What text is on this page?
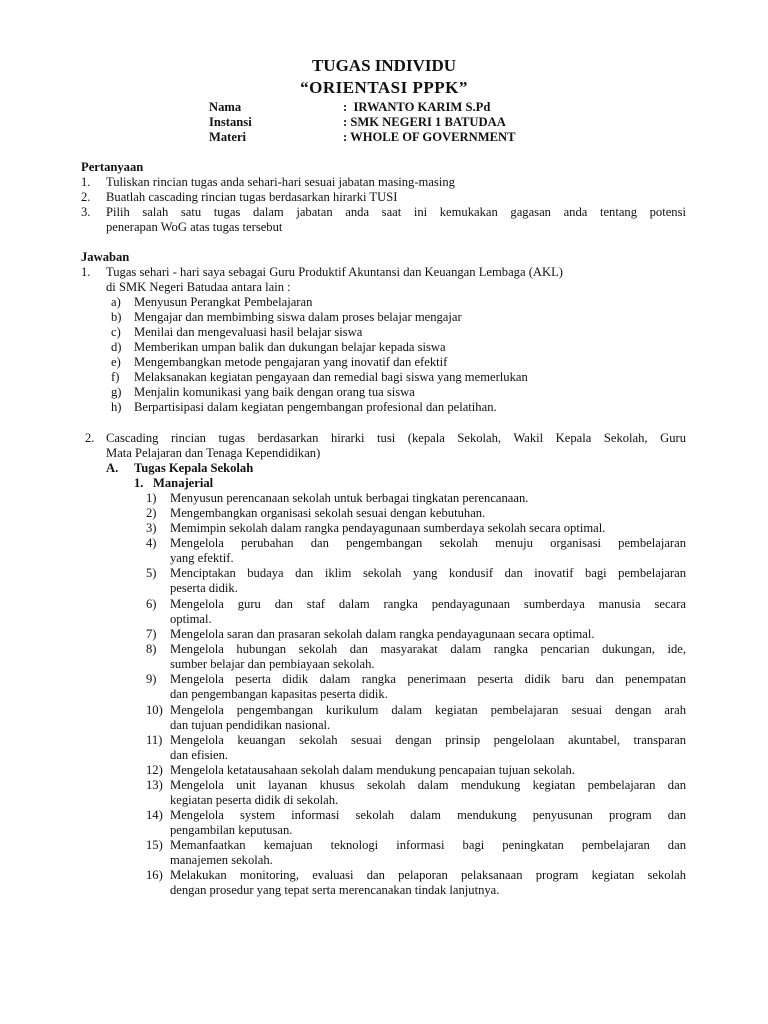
TUGAS INDIVIDU
“ORIENTASI PPPK”
Nama	:  IRWANTO KARIM S.Pd
Instansi	: SMK NEGERI 1 BATUDAA
Materi	: WHOLE OF GOVERNMENT
Pertanyaan
1. Tuliskan rincian tugas anda sehari-hari sesuai jabatan masing-masing
2. Buatlah cascading rincian tugas berdasarkan hirarki TUSI
3. Pilih salah satu tugas dalam jabatan anda saat ini kemukakan gagasan anda tentang potensi
penerapan WoG atas tugas tersebut
Jawaban
1. Tugas sehari - hari saya sebagai Guru Produktif Akuntansi dan Keuangan Lembaga (AKL)
di SMK Negeri Batudaa antara lain :
a) Menyusun Perangkat Pembelajaran
b) Mengajar dan membimbing siswa dalam proses belajar mengajar
c) Menilai dan mengevaluasi hasil belajar siswa
d) Memberikan umpan balik dan dukungan belajar kepada siswa
e) Mengembangkan metode pengajaran yang inovatif dan efektif
f) Melaksanakan kegiatan pengayaan dan remedial bagi siswa yang memerlukan
g) Menjalin komunikasi yang baik dengan orang tua siswa
h) Berpartisipasi dalam kegiatan pengembangan profesional dan pelatihan.
2. Cascading rincian tugas berdasarkan hirarki tusi (kepala Sekolah, Wakil Kepala Sekolah, Guru
Mata Pelajaran dan Tenaga Kependidikan)
A. Tugas Kepala Sekolah
1. Manajerial
1) Menyusun perencanaan sekolah untuk berbagai tingkatan perencanaan.
2) Mengembangkan organisasi sekolah sesuai dengan kebutuhan.
3) Memimpin sekolah dalam rangka pendayagunaan sumberdaya sekolah secara optimal.
4) Mengelola perubahan dan pengembangan sekolah menuju organisasi pembelajaran
yang efektif.
5) Menciptakan budaya dan iklim sekolah yang kondusif dan inovatif bagi pembelajaran
peserta didik.
6) Mengelola guru dan staf dalam rangka pendayagunaan sumberdaya manusia secara
optimal.
7) Mengelola saran dan prasaran sekolah dalam rangka pendayagunaan secara optimal.
8) Mengelola hubungan sekolah dan masyarakat dalam rangka pencarian dukungan, ide,
sumber belajar dan pembiayaan sekolah.
9) Mengelola peserta didik dalam rangka penerimaan peserta didik baru dan penempatan
dan pengembangan kapasitas peserta didik.
10) Mengelola pengembangan kurikulum dalam kegiatan pembelajaran sesuai dengan arah
dan tujuan pendidikan nasional.
11) Mengelola keuangan sekolah sesuai dengan prinsip pengelolaan akuntabel, transparan
dan efisien.
12) Mengelola ketatausahaan sekolah dalam mendukung pencapaian tujuan sekolah.
13) Mengelola unit layanan khusus sekolah dalam mendukung kegiatan pembelajaran dan
kegiatan peserta didik di sekolah.
14) Mengelola system informasi sekolah dalam mendukung penyusunan program dan
pengambilan keputusan.
15) Memanfaatkan kemajuan teknologi informasi bagi peningkatan pembelajaran dan
manajemen sekolah.
16) Melakukan monitoring, evaluasi dan pelaporan pelaksanaan program kegiatan sekolah
dengan prosedur yang tepat serta merencanakan tindak lanjutnya.
